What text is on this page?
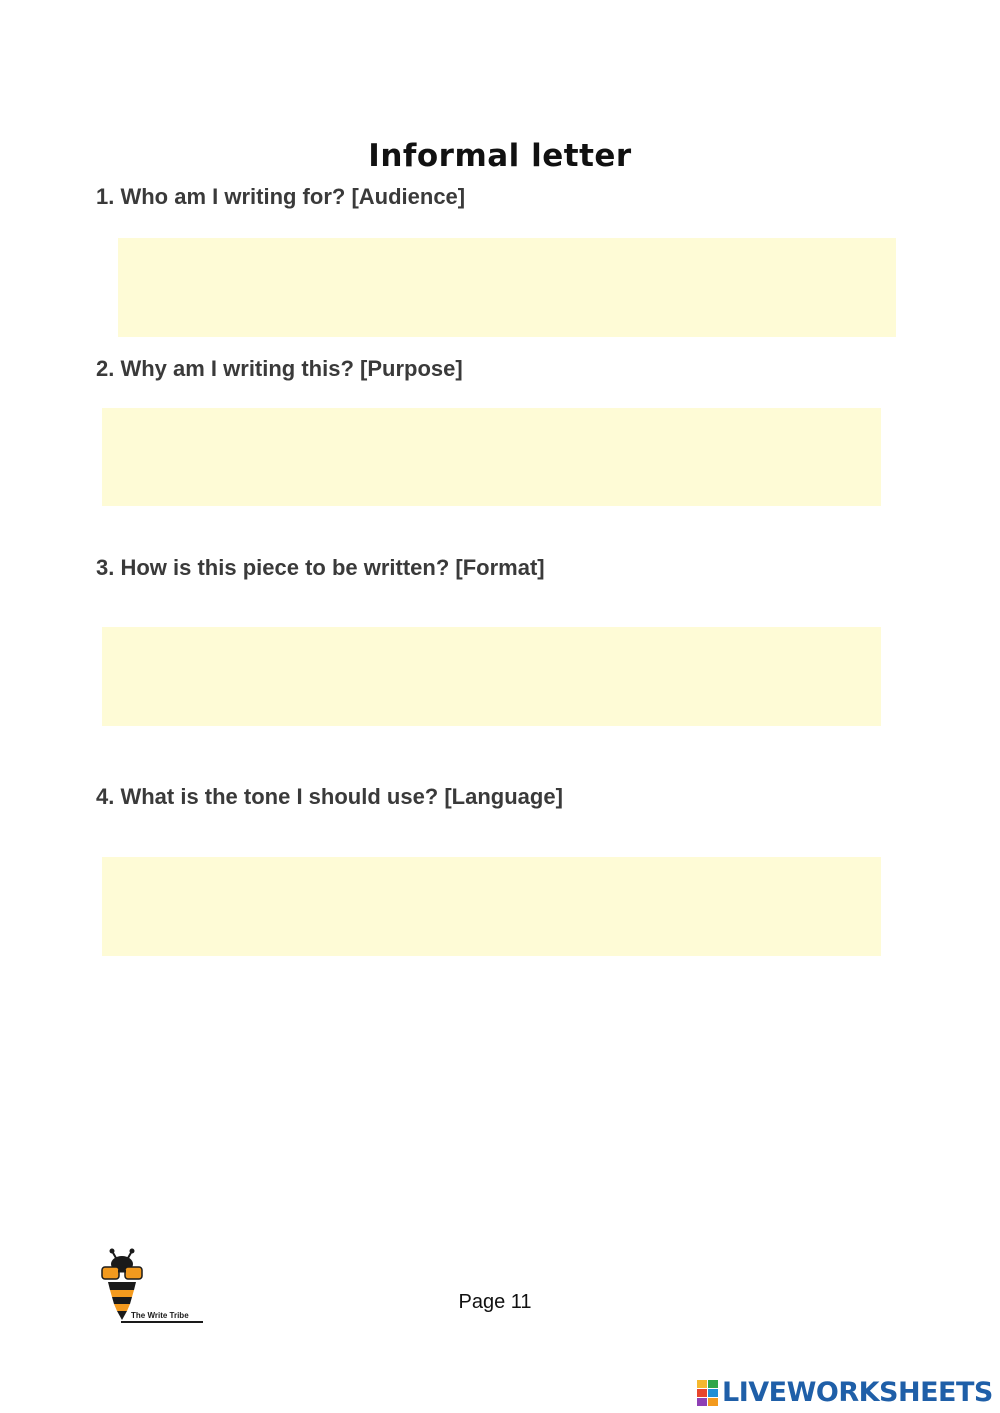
Informal letter
1. Who am I writing for? [Audience]
2. Why am I writing this? [Purpose]
3. How is this piece to be written? [Format]
4. What is the tone I should use? [Language]
The Write Tribe
Page 11
LIVEWORKSHEETS
